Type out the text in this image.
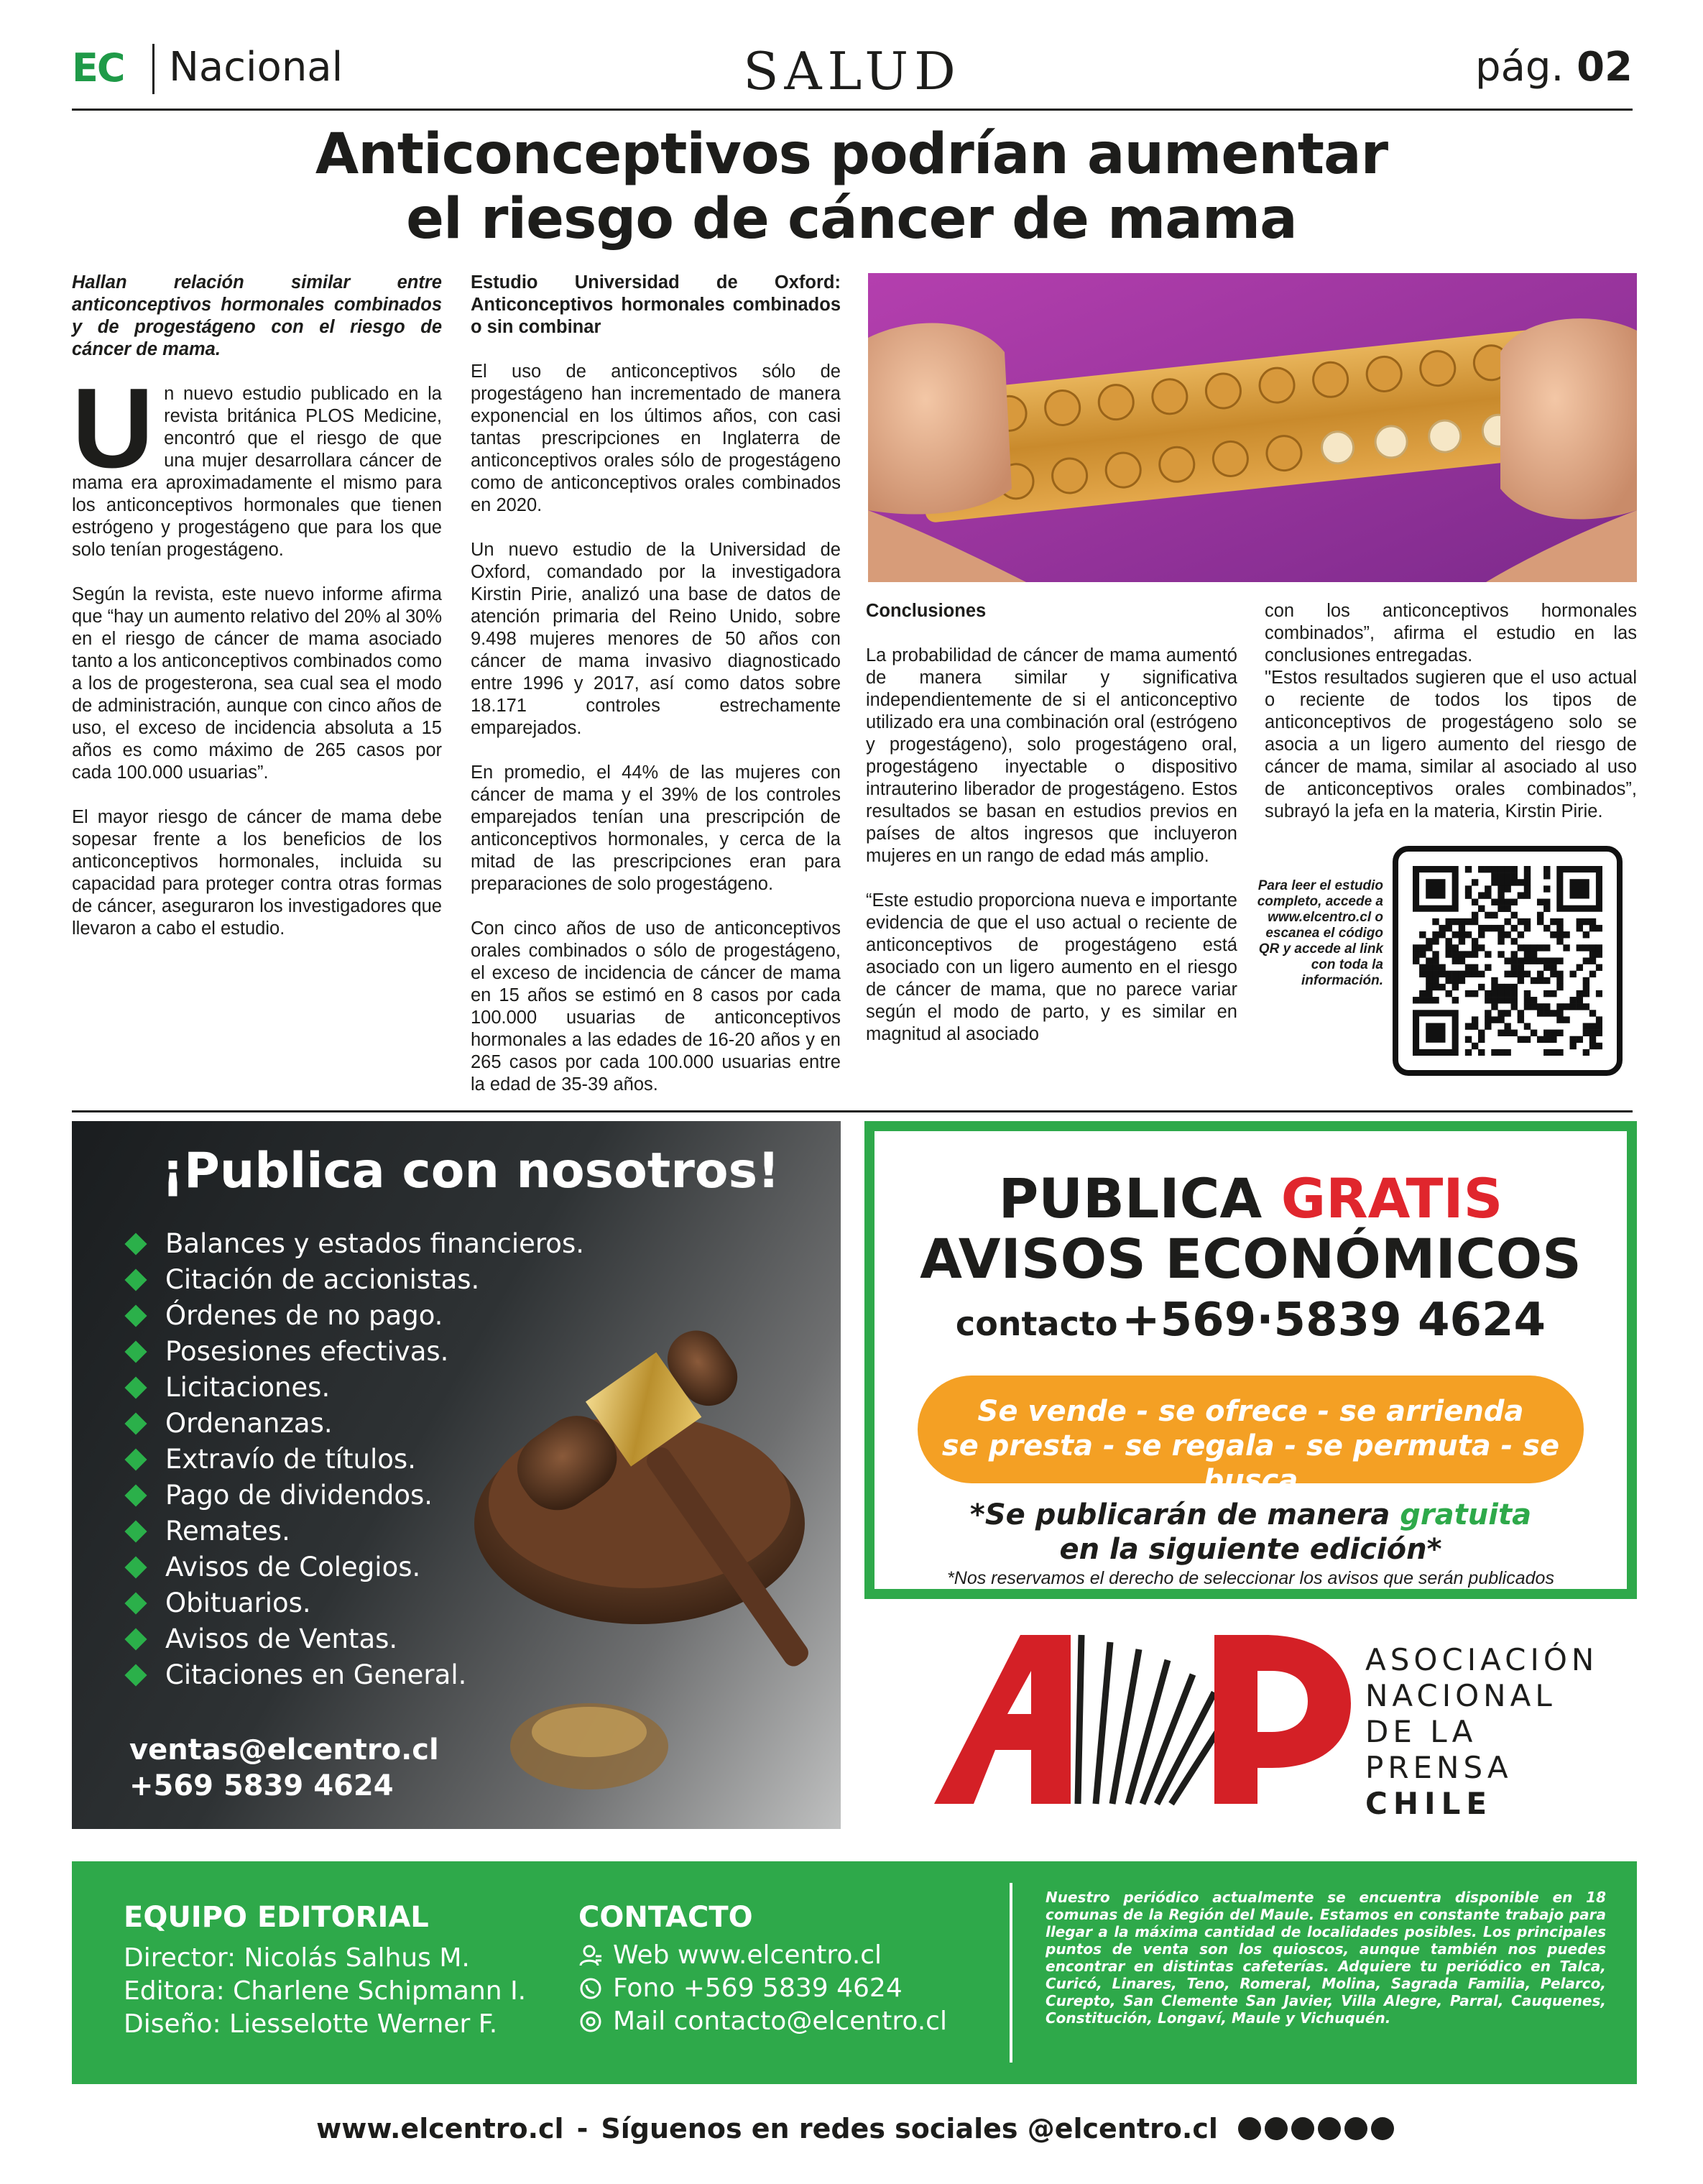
EC Nacional	SALUD	pág. 02
Anticonceptivos podrían aumentar
el riesgo de cáncer de mama

Hallan relación similar entre anticonceptivos hormonales combinados y de progestágeno con el riesgo de cáncer de mama.

Un nuevo estudio publicado en la revista británica PLOS Medicine, encontró que el riesgo de que una mujer desarrollara cáncer de mama era aproximadamente el mismo para los anticonceptivos hormonales que tienen estrógeno y progestágeno que para los que solo tenían progestágeno.

Según la revista, este nuevo informe afirma que “hay un aumento relativo del 20% al 30% en el riesgo de cáncer de mama asociado tanto a los anticonceptivos combinados como a los de progesterona, sea cual sea el modo de administración, aunque con cinco años de uso, el exceso de incidencia absoluta a 15 años es como máximo de 265 casos por cada 100.000 usuarias”.

El mayor riesgo de cáncer de mama debe sopesar frente a los beneficios de los anticonceptivos hormonales, incluida su capacidad para proteger contra otras formas de cáncer, aseguraron los investigadores que llevaron a cabo el estudio.

Estudio Universidad de Oxford: Anticonceptivos hormonales combinados o sin combinar

El uso de anticonceptivos sólo de progestágeno han incrementado de manera exponencial en los últimos años, con casi tantas prescripciones en Inglaterra de anticonceptivos orales sólo de progestágeno como de anticonceptivos orales combinados en 2020.

Un nuevo estudio de la Universidad de Oxford, comandado por la investigadora Kirstin Pirie, analizó una base de datos de atención primaria del Reino Unido, sobre 9.498 mujeres menores de 50 años con cáncer de mama invasivo diagnosticado entre 1996 y 2017, así como datos sobre 18.171 controles estrechamente emparejados.

En promedio, el 44% de las mujeres con cáncer de mama y el 39% de los controles emparejados tenían una prescripción de anticonceptivos hormonales, y cerca de la mitad de las prescripciones eran para preparaciones de solo progestágeno.

Con cinco años de uso de anticonceptivos orales combinados o sólo de progestágeno, el exceso de incidencia de cáncer de mama en 15 años se estimó en 8 casos por cada 100.000 usuarias de anticonceptivos hormonales a las edades de 16-20 años y en 265 casos por cada 100.000 usuarias entre la edad de 35-39 años.

Conclusiones

La probabilidad de cáncer de mama aumentó de manera similar y significativa independientemente de si el anticonceptivo utilizado era una combinación oral (estrógeno y progestágeno), solo progestágeno oral, progestágeno inyectable o dispositivo intrauterino liberador de progestágeno. Estos resultados se basan en estudios previos en países de altos ingresos que incluyeron mujeres en un rango de edad más amplio.

“Este estudio proporciona nueva e importante evidencia de que el uso actual o reciente de anticonceptivos de progestágeno está asociado con un ligero aumento en el riesgo de cáncer de mama, que no parece variar según el modo de parto, y es similar en magnitud al asociado

con los anticonceptivos hormonales combinados”, afirma el estudio en las conclusiones entregadas.

"Estos resultados sugieren que el uso actual o reciente de todos los tipos de anticonceptivos de progestágeno solo se asocia a un ligero aumento del riesgo de cáncer de mama, similar al asociado al uso de anticonceptivos orales combinados”, subrayó la jefa en la materia, Kirstin Pirie.

Para leer el estudio completo, accede a www.elcentro.cl o escanea el código QR y accede al link con toda la información.
¡Publica con nosotros!
Balances y estados financieros.
Citación de accionistas.
Órdenes de no pago.
Posesiones efectivas.
Licitaciones.
Ordenanzas.
Extravío de títulos.
Pago de dividendos.
Remates.
Avisos de Colegios.
Obituarios.
Avisos de Ventas.
Citaciones en General.
ventas@elcentro.cl
+569 5839 4624
PUBLICA GRATIS
AVISOS ECONÓMICOS
contacto +569·5839 4624
Se vende - se ofrece - se arrienda
se presta - se regala - se permuta - se busca
*Se publicarán de manera gratuita
en la siguiente edición*
*Nos reservamos el derecho de seleccionar los avisos que serán publicados
ASOCIACIÓN
NACIONAL
DE LA PRENSA
CHILE
EQUIPO EDITORIAL
Director: Nicolás Salhus M.
Editora: Charlene Schipmann I.
Diseño: Liesselotte Werner F.
CONTACTO
Web www.elcentro.cl
Fono +569 5839 4624
Mail contacto@elcentro.cl
Nuestro periódico actualmente se encuentra disponible en 18 comunas de la Región del Maule. Estamos en constante trabajo para llegar a la máxima cantidad de localidades posibles. Los principales puntos de venta son los quioscos, aunque también nos puedes encontrar en distintas cafeterías. Adquiere tu periódico en Talca, Curicó, Linares, Teno, Romeral, Molina, Sagrada Familia, Pelarco, Curepto, San Clemente San Javier, Villa Alegre, Parral, Cauquenes, Constitución, Longaví, Maule y Vichuquén.
www.elcentro.cl - Síguenos en redes sociales @elcentro.cl
